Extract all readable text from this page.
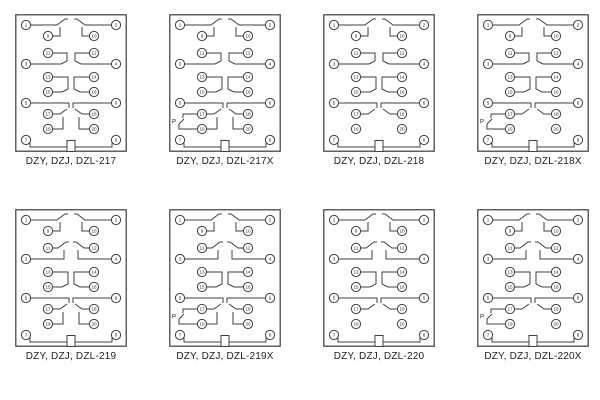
1
3
5
7
2
4
6
8
9
11
13
15
17
19
10
12
14
16
18
20
DZY, DZJ, DZL-217
1
3
5
7
2
4
6
8
9
11
13
15
17
19
10
12
14
16
18
20
P
DZY, DZJ, DZL-217X
1
3
5
7
2
4
6
8
9
11
13
15
17
19
10
12
14
16
18
20
DZY, DZJ, DZL-218
1
3
5
7
2
4
6
8
9
11
13
15
17
19
10
12
14
16
18
20
P
DZY, DZJ, DZL-218X
1
3
5
7
2
4
6
8
9
11
13
15
17
19
10
12
14
16
18
20
DZY, DZJ, DZL-219
1
3
5
7
2
4
6
8
9
11
13
15
17
19
10
12
14
16
18
20
P
DZY, DZJ, DZL-219X
1
3
5
7
2
4
6
8
9
11
13
15
17
19
10
12
14
16
18
20
DZY, DZJ, DZL-220
1
3
5
7
2
4
6
8
9
11
13
15
17
19
10
12
14
16
18
20
P
DZY, DZJ, DZL-220X
